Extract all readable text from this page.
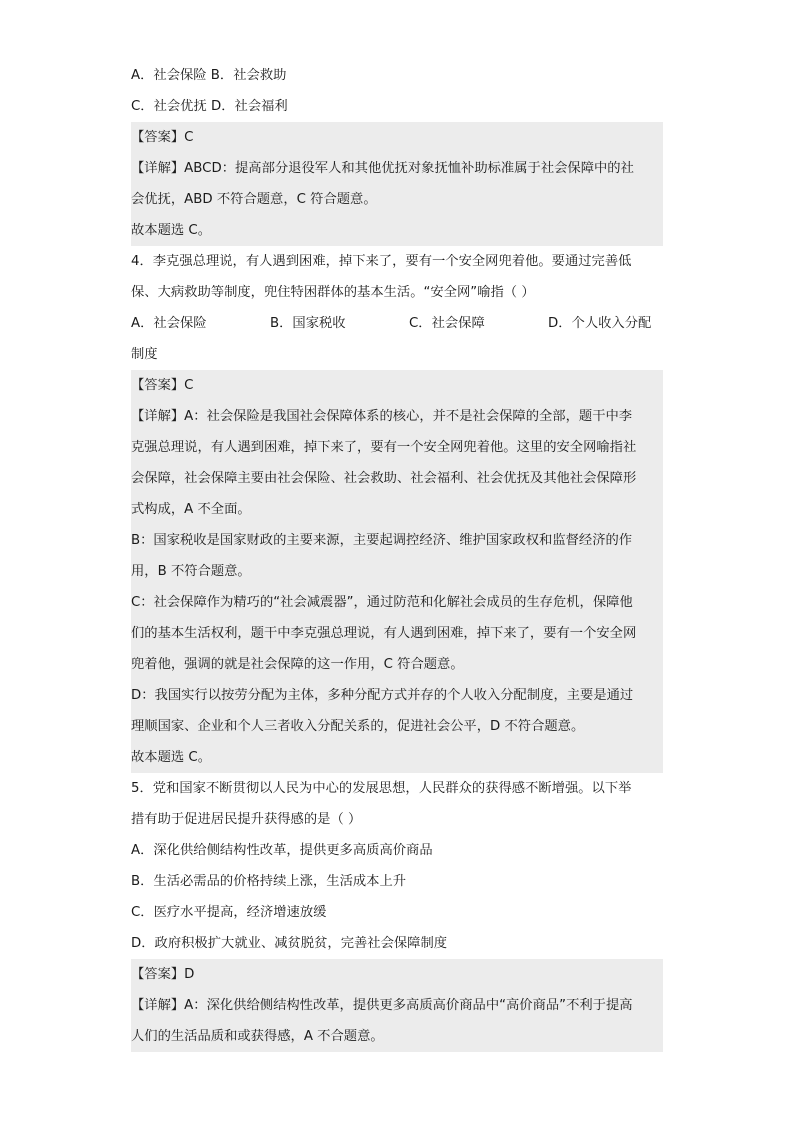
A．社会保险 B．社会救助
C．社会优抚 D．社会福利
【答案】C
【详解】ABCD：提高部分退役军人和其他优抚对象抚恤补助标准属于社会保障中的社
会优抚，ABD 不符合题意，C 符合题意。
故本题选 C。
4．李克强总理说，有人遇到困难，掉下来了，要有一个安全网兜着他。要通过完善低
保、大病救助等制度，兜住特困群体的基本生活。“安全网”喻指（ ）
A．社会保险	B．国家税收	C．社会保障	D．个人收入分配
制度
【答案】C
【详解】A：社会保险是我国社会保障体系的核心，并不是社会保障的全部，题干中李
克强总理说，有人遇到困难，掉下来了，要有一个安全网兜着他。这里的安全网喻指社
会保障，社会保障主要由社会保险、社会救助、社会福利、社会优抚及其他社会保障形
式构成，A 不全面。
B：国家税收是国家财政的主要来源，主要起调控经济、维护国家政权和监督经济的作
用，B 不符合题意。
C：社会保障作为精巧的“社会减震器”，通过防范和化解社会成员的生存危机，保障他
们的基本生活权利，题干中李克强总理说，有人遇到困难，掉下来了，要有一个安全网
兜着他，强调的就是社会保障的这一作用，C 符合题意。
D：我国实行以按劳分配为主体，多种分配方式并存的个人收入分配制度，主要是通过
理顺国家、企业和个人三者收入分配关系的，促进社会公平，D 不符合题意。
故本题选 C。
5．党和国家不断贯彻以人民为中心的发展思想，人民群众的获得感不断增强。以下举
措有助于促进居民提升获得感的是（ ）
A．深化供给侧结构性改革，提供更多高质高价商品
B．生活必需品的价格持续上涨，生活成本上升
C．医疗水平提高，经济增速放缓
D．政府积极扩大就业、减贫脱贫，完善社会保障制度
【答案】D
【详解】A：深化供给侧结构性改革，提供更多高质高价商品中“高价商品”不利于提高
人们的生活品质和或获得感，A 不合题意。
